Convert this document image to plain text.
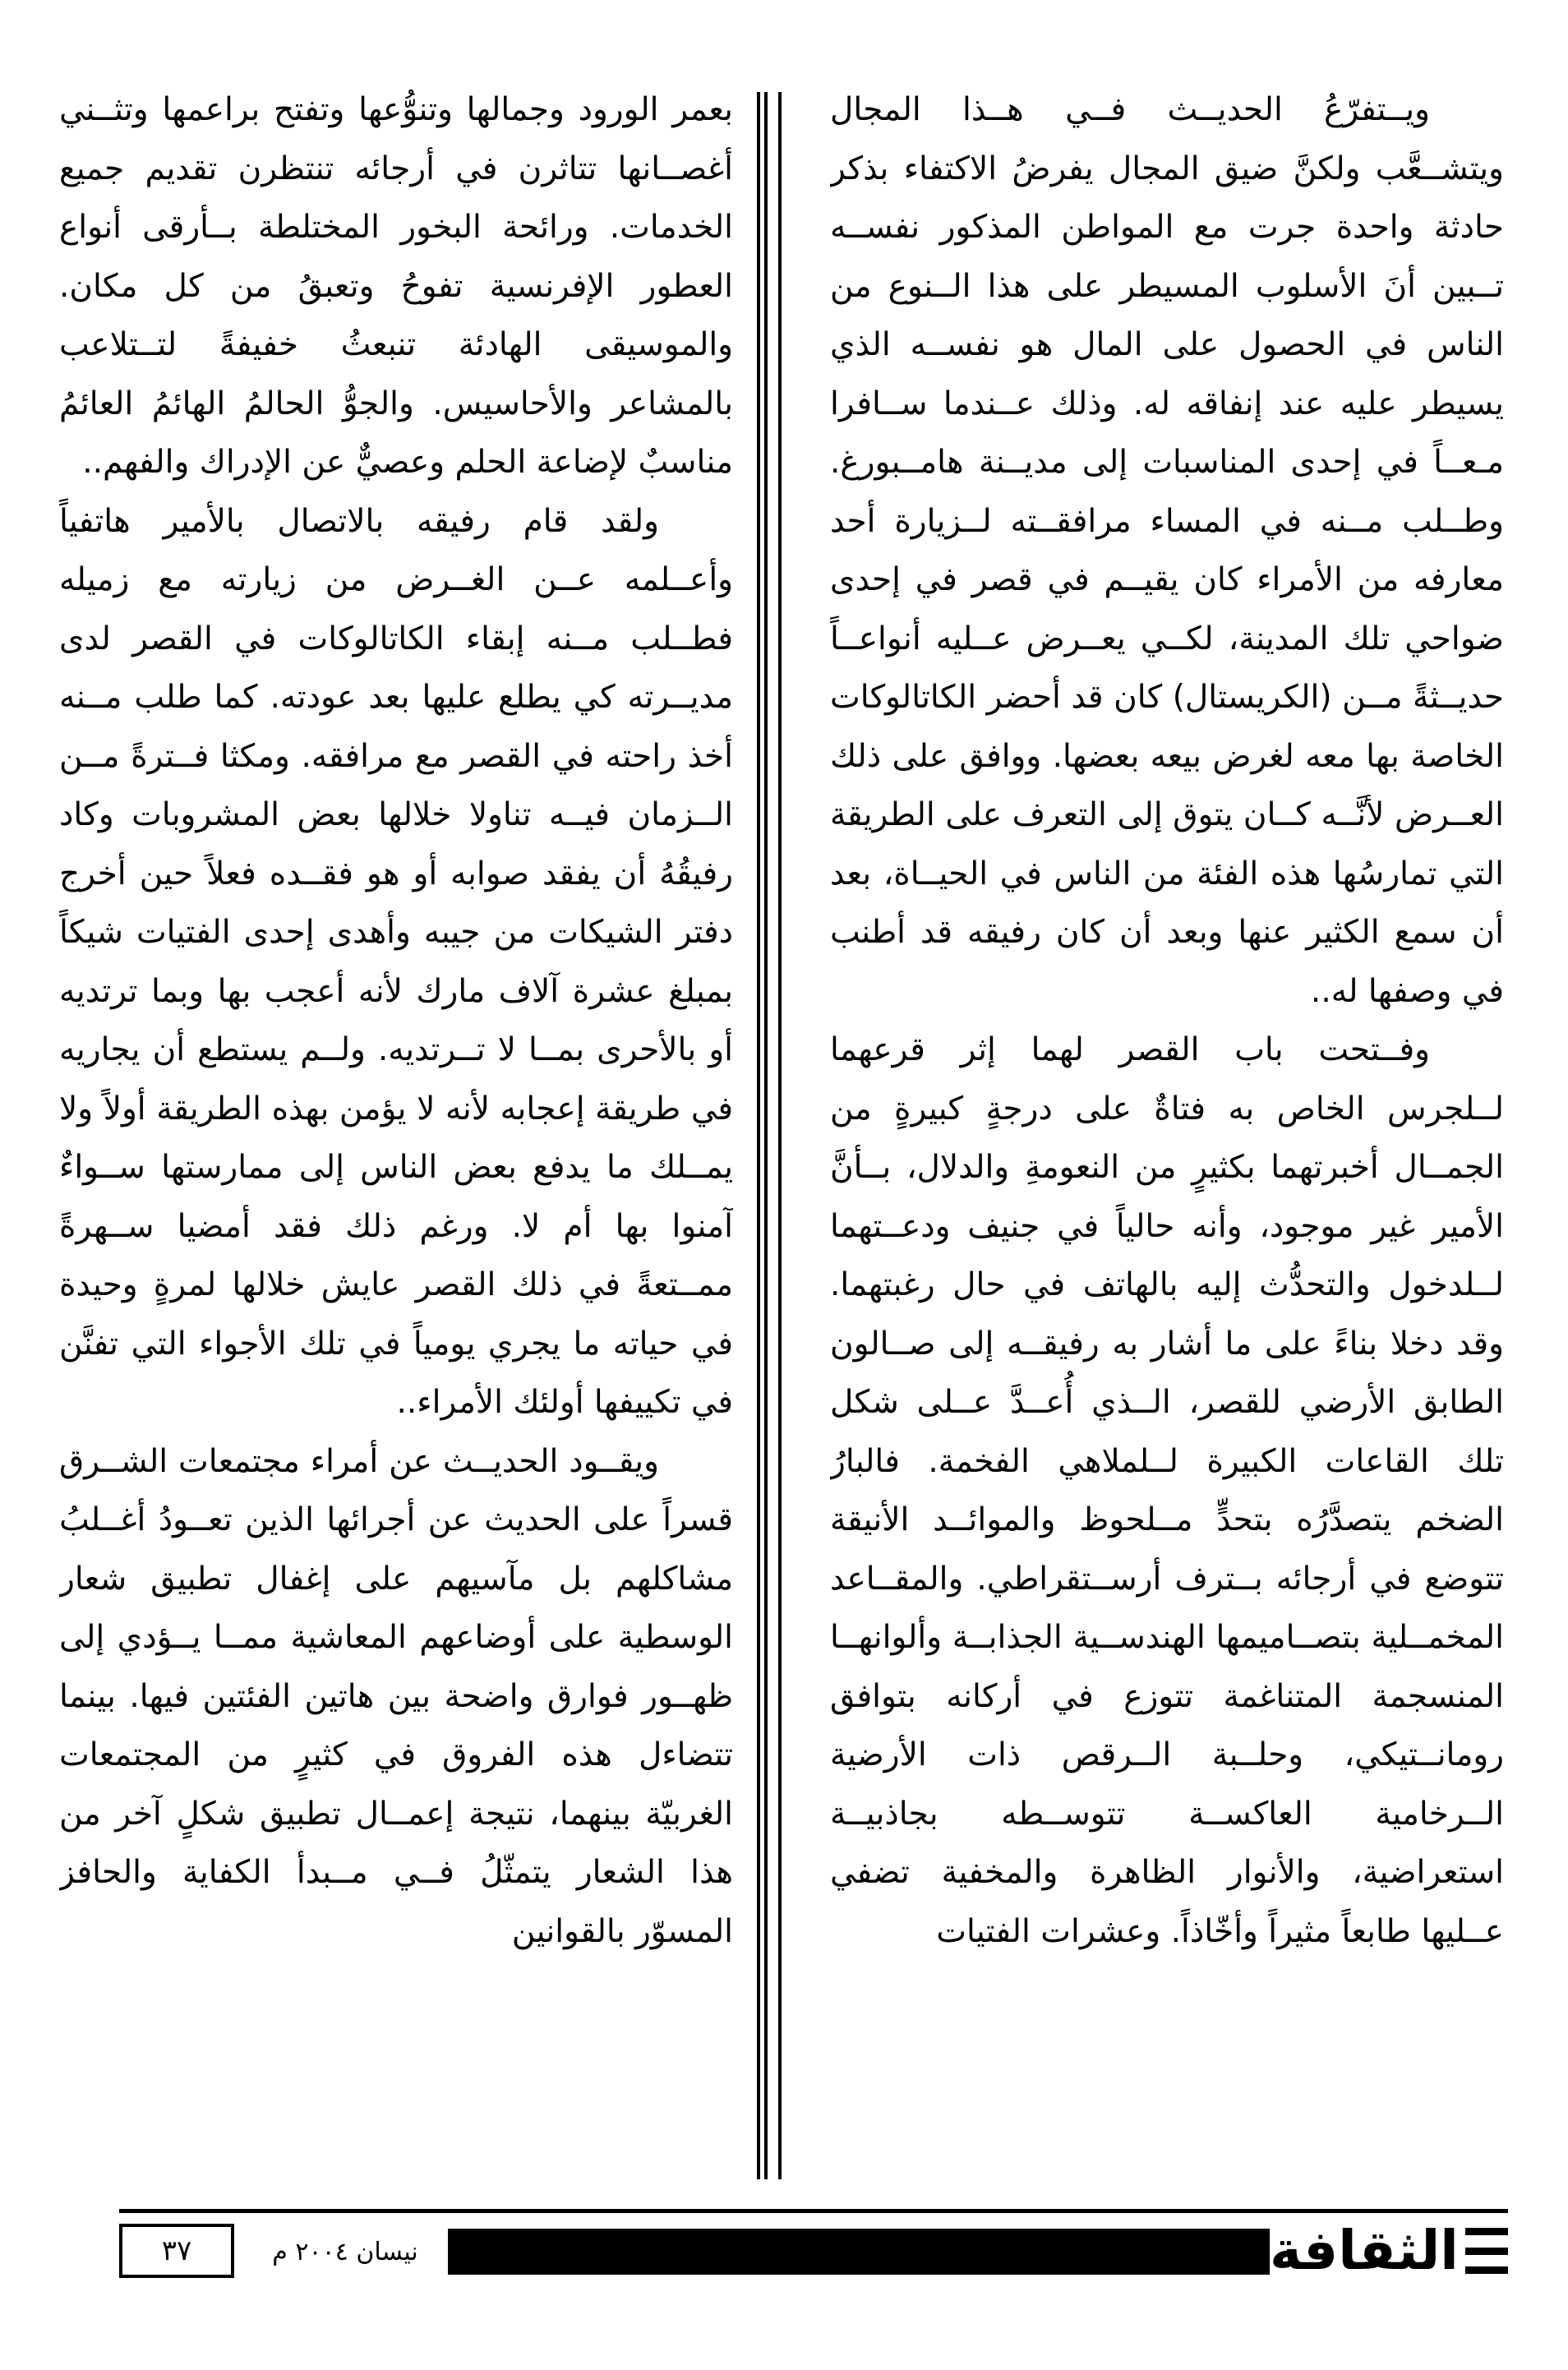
ويــتفرّعُ الحديــث فــي هــذا المجال ويتشــعَّب ولكنَّ ضيق المجال يفرضُ الاكتفاء بذكر حادثة واحدة جرت مع المواطن المذكور نفســه تــبين أنَ الأسلوب المسيطر على هذا الــنوع من الناس في الحصول على المال هو نفســه الذي يسيطر عليه عند إنفاقه له. وذلك عــندما ســافرا مـعــاً في إحدى المناسبات إلى مديــنة هامــبورغ. وطــلب مــنه في المساء مرافقــته لــزيارة أحد معارفه من الأمراء كان يقيــم في قصر في إحدى ضواحي تلك المدينة، لكــي يعــرض عــليه أنواعــاً حديــثةً مــن (الكريستال) كان قد أحضر الكاتالوكات الخاصة بها معه لغرض بيعه بعضها. ووافق على ذلك العــرض لأنَّــه كــان يتوق إلى التعرف على الطريقة التي تمارسُها هذه الفئة من الناس في الحيــاة، بعد أن سمع الكثير عنها وبعد أن كان رفيقه قد أطنب في وصفها له..

وفــتحت باب القصر لهما إثر قرعهما لــلجرس الخاص به فتاةٌ على درجةٍ كبيرةٍ من الجمــال أخبرتهما بكثيرٍ من النعومةِ والدلال، بــأنَّ الأمير غير موجود، وأنه حالياً في جنيف ودعــتهما لــلدخول والتحدُّث إليه بالهاتف في حال رغبتهما. وقد دخلا بناءً على ما أشار به رفيقــه إلى صــالون الطابق الأرضي للقصر، الــذي أُعــدَّ عــلى شكل تلك القاعات الكبيرة لــلملاهي الفخمة. فالبارُ الضخم يتصدَّرُه بتحدٍّ مــلحوظ والموائــد الأنيقة تتوضع في أرجائه بــترف أرســتقراطي. والمقــاعد المخمــلية بتصــاميمها الهندســية الجذابــة وألوانهــا المنسجمة المتناغمة تتوزع في أركانه بتوافق رومانــتيكي، وحلــبة الــرقص ذات الأرضية الــرخامية العاكســة تتوســطه بجاذبيــة استعراضية، والأنوار الظاهرة والمخفية تضفي عــليها طابعاً مثيراً وأخّاذاً. وعشرات الفتيات

بعمر الورود وجمالها وتنوُّعها وتفتح براعمها وتثــني أغصــانها تتاثرن في أرجائه تنتظرن تقديم جميع الخدمات. ورائحة البخور المختلطة بــأرقى أنواع العطور الإفرنسية تفوحُ وتعبقُ من كل مكان. والموسيقى الهادئة تنبعثُ خفيفةً لتــتلاعب بالمشاعر والأحاسيس. والجوُّ الحالمُ الهائمُ العائمُ مناسبٌ لإضاعة الحلم وعصيٌّ عن الإدراك والفهم..

ولقد قام رفيقه بالاتصال بالأمير هاتفياً وأعــلمه عــن الغــرض من زيارته مع زميله فطــلب مــنه إبقاء الكاتالوكات في القصر لدى مديــرته كي يطلع عليها بعد عودته. كما طلب مــنه أخذ راحته في القصر مع مرافقه. ومكثا فــترةً مــن الــزمان فيــه تناولا خلالها بعض المشروبات وكاد رفيقُهُ أن يفقد صوابه أو هو فقــده فعلاً حين أخرج دفتر الشيكات من جيبه وأهدى إحدى الفتيات شيكاً بمبلغ عشرة آلاف مارك لأنه أعجب بها وبما ترتديه أو بالأحرى بمــا لا تــرتديه. ولــم يستطع أن يجاريه في طريقة إعجابه لأنه لا يؤمن بهذه الطريقة أولاً ولا يمــلك ما يدفع بعض الناس إلى ممارستها ســواءٌ آمنوا بها أم لا. ورغم ذلك فقد أمضيا ســهرةً ممــتعةً في ذلك القصر عايش خلالها لمرةٍ وحيدة في حياته ما يجري يومياً في تلك الأجواء التي تفنَّن في تكييفها أولئك الأمراء..

ويقــود الحديــث عن أمراء مجتمعات الشــرق قسراً على الحديث عن أجرائها الذين تعــودُ أغــلبُ مشاكلهم بل مآسيهم على إغفال تطبيق شعار الوسطية على أوضاعهم المعاشية ممــا يــؤدي إلى ظهــور فوارق واضحة بين هاتين الفئتين فيها. بينما تتضاءل هذه الفروق في كثيرٍ من المجتمعات الغربيّة بينهما، نتيجة إعمــال تطبيق شكلٍ آخر من هذا الشعار يتمثّلُ فــي مــبدأ الكفاية والحافز المسوّر بالقوانين

٣٧	نيسان ٢٠٠٤ م	الثقافة
